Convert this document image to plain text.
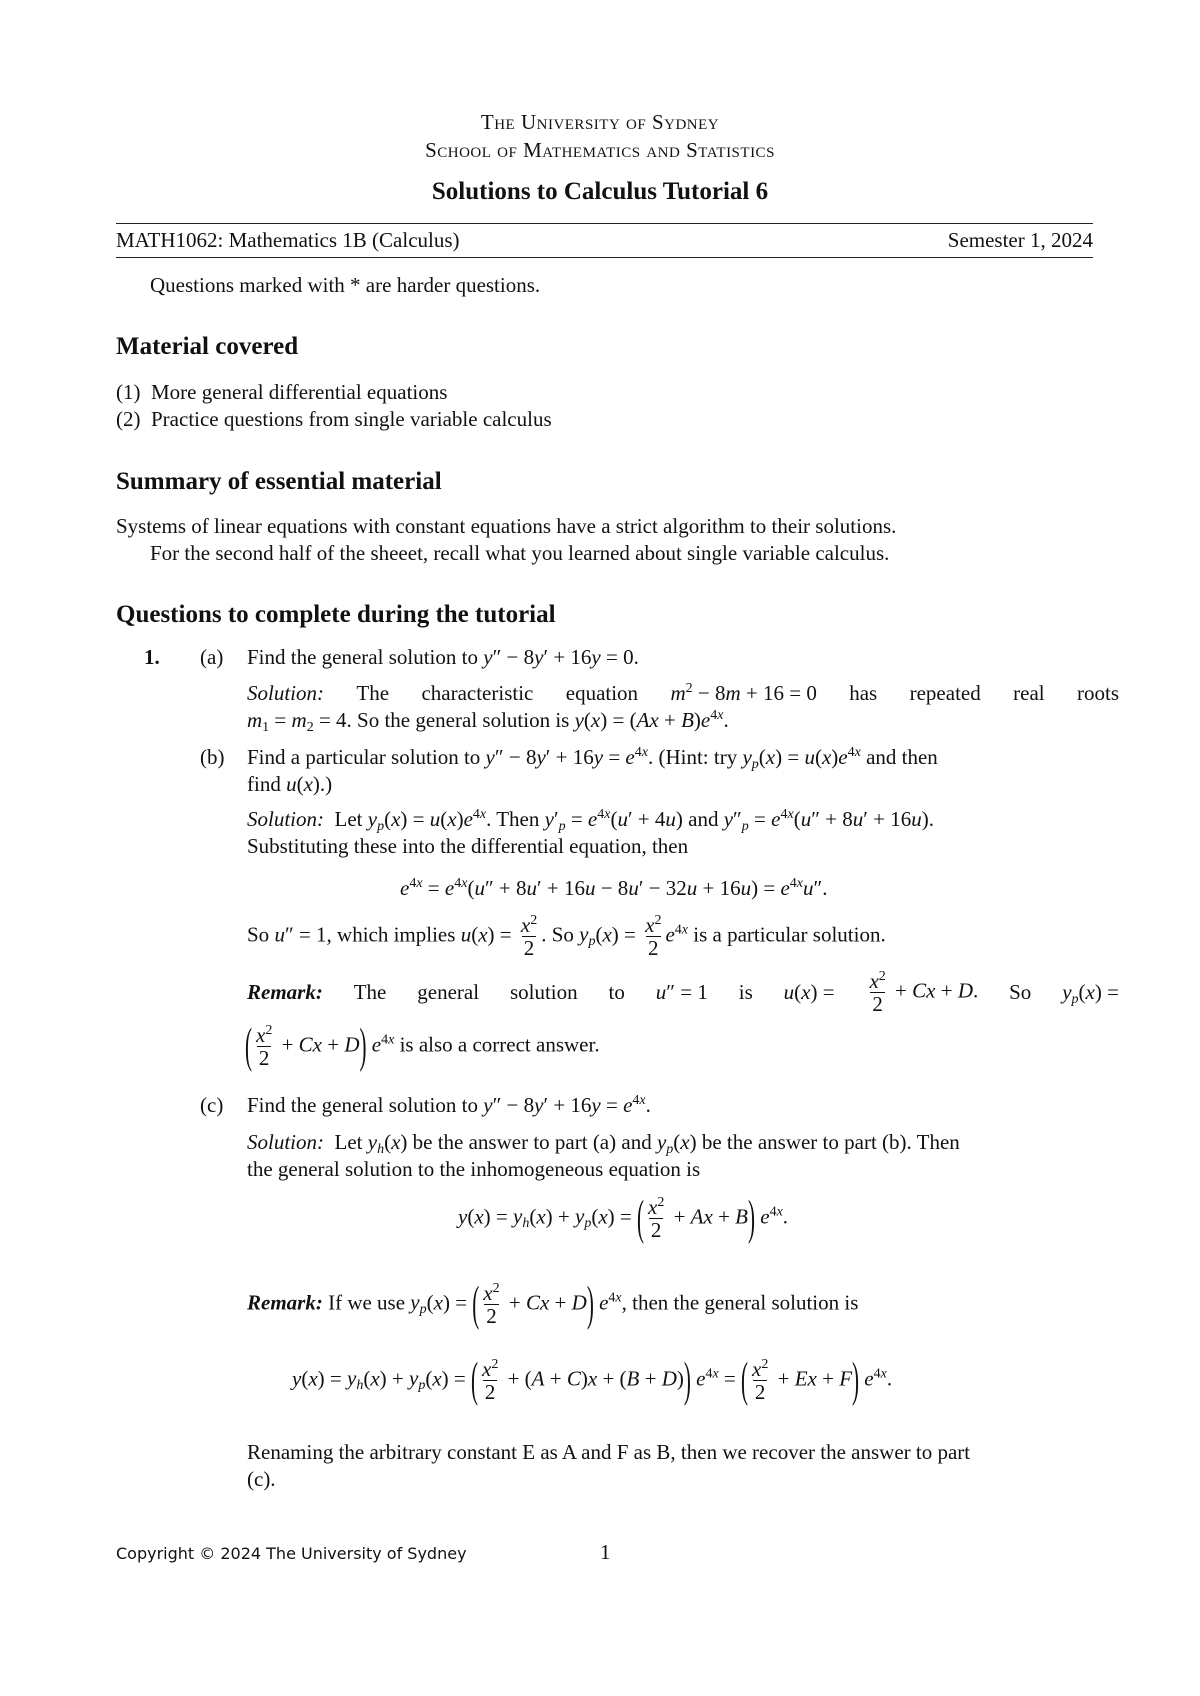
The University of Sydney
School of Mathematics and Statistics
Solutions to Calculus Tutorial 6
MATH1062: Mathematics 1B (Calculus)	Semester 1, 2024
Questions marked with * are harder questions.
Material covered
(1) More general differential equations
(2) Practice questions from single variable calculus
Summary of essential material
Systems of linear equations with constant equations have a strict algorithm to their solutions.
For the second half of the sheeet, recall what you learned about single variable calculus.
Questions to complete during the tutorial
1. (a) Find the general solution to y″ − 8y′ + 16y = 0.
Solution: The characteristic equation $m^2 - 8m + 16 = 0$ has repeated real roots
$m_1 = m_2 = 4$. So the general solution is $y(x) = (Ax + B)e^{4x}$.
(b) Find a particular solution to $y'' - 8y' + 16y = e^{4x}$. (Hint: try $y_p(x) = u(x)e^{4x}$ and then
find u(x).)
Solution:  Let $y_p(x) = u(x)e^{4x}$. Then $y'_p = e^{4x}(u' + 4u)$ and $y''_p = e^{4x}(u'' + 8u' + 16u)$.
Substituting these into the differential equation, then
$e^{4x} = e^{4x}(u'' + 8u' + 16u - 8u' - 32u + 16u) = e^{4x}u''$.
So u″ = 1, which implies $u(x) = \frac{x^2}{2}$ . So $y_p(x) = \frac{x^2}{2} e^{4x}$ is a particular solution.
Remark: The general solution to u″ = 1 is $u(x) = \frac{x^2}{2} + Cx + D$. So $y_p(x)$ =
( $\frac{x^2}{2} + Cx + D$) $e^{4x}$ is also a correct answer.
(c) Find the general solution to $y'' - 8y' + 16y = e^{4x}$.
Solution:  Let $y_h(x)$ be the answer to part (a) and $y_p(x)$ be the answer to part (b). Then
the general solution to the inhomogeneous equation is
$y(x) = y_h(x) + y_p(x)$ = ( $\frac{x^2}{2} + Ax + B$) $e^{4x}$.
Remark: If we use $y_p(x)$ = ( $\frac{x^2}{2} + Cx + D$) $e^{4x}$, then the general solution is
$y(x) = y_h(x) + y_p(x)$ = ( $\frac{x^2}{2} + (A + C)x + (B + D)$) $e^{4x}$ = ( $\frac{x^2}{2} + Ex + F$) $e^{4x}$.
Renaming the arbitrary constant E as A and F as B, then we recover the answer to part
(c).
Copyright © 2024 The University of Sydney	1
